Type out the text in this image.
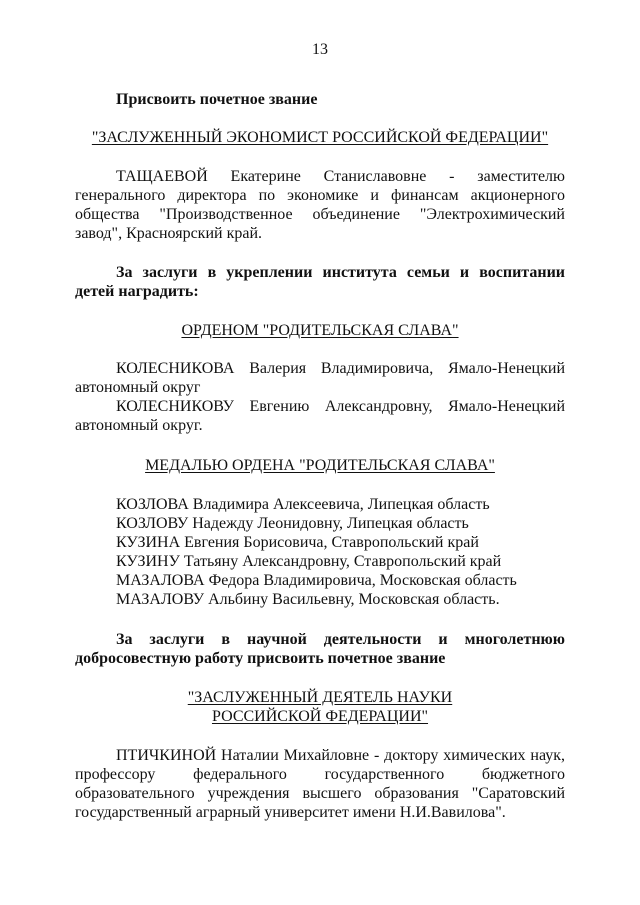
13
Присвоить почетное звание
"ЗАСЛУЖЕННЫЙ ЭКОНОМИСТ РОССИЙСКОЙ ФЕДЕРАЦИИ"
ТАЩАЕВОЙ Екатерине Станиславовне - заместителю генерального директора по экономике и финансам акционерного общества "Производственное объединение "Электрохимический завод", Красноярский край.
За заслуги в укреплении института семьи и воспитании детей наградить:
ОРДЕНОМ "РОДИТЕЛЬСКАЯ СЛАВА"

КОЛЕСНИКОВА Валерия Владимировича, Ямало-Ненецкий автономный округ

КОЛЕСНИКОВУ Евгению Александровну, Ямало-Ненецкий автономный округ.

МЕДАЛЬЮ ОРДЕНА "РОДИТЕЛЬСКАЯ СЛАВА"

КОЗЛОВА Владимира Алексеевича, Липецкая область

КОЗЛОВУ Надежду Леонидовну, Липецкая область

КУЗИНА Евгения Борисовича, Ставропольский край

КУЗИНУ Татьяну Александровну, Ставропольский край

МАЗАЛОВА Федора Владимировича, Московская область

МАЗАЛОВУ Альбину Васильевну, Московская область.

За заслуги в научной деятельности и многолетнюю добросовестную работу присвоить почетное звание
"ЗАСЛУЖЕННЫЙ ДЕЯТЕЛЬ НАУКИ
РОССИЙСКОЙ ФЕДЕРАЦИИ"
ПТИЧКИНОЙ Наталии Михайловне - доктору химических наук, профессору федерального государственного бюджетного образовательного учреждения высшего образования "Саратовский государственный аграрный университет имени Н.И.Вавилова".
